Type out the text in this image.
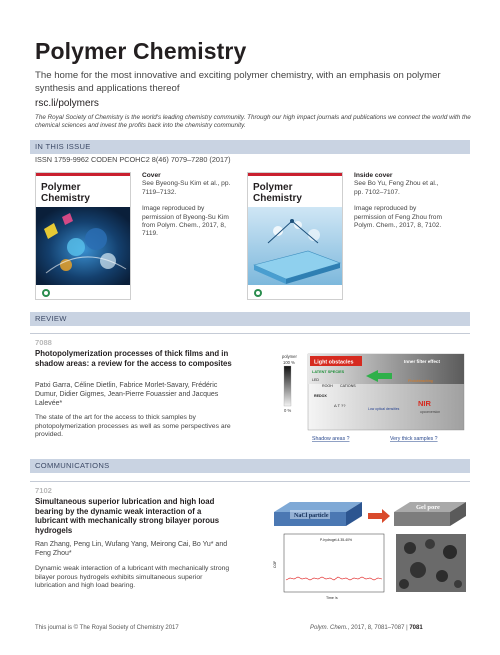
Polymer Chemistry
The home for the most innovative and exciting polymer chemistry, with an emphasis on polymer synthesis and applications thereof
rsc.li/polymers
The Royal Society of Chemistry is the world's leading chemistry community. Through our high impact journals and publications we connect the world with the chemical sciences and invest the profits back into the chemistry community.
IN THIS ISSUE
ISSN 1759-9962 CODEN PCOHC2 8(46) 7079–7280 (2017)
Polymer
Chemistry
Cover
See Byeong-Su Kim et al., pp. 7119–7132.
Image reproduced by permission of Byeong-Su Kim from Polym. Chem., 2017, 8, 7119.
Polymer
Chemistry
Inside cover
See Bo Yu, Feng Zhou et al., pp. 7102–7107.
Image reproduced by permission of Feng Zhou from Polym. Chem., 2017, 8, 7102.
REVIEW
7088
Photopolymerization processes of thick films and in shadow areas: a review for the access to composites
Patxi Garra, Céline Dietlin, Fabrice Morlet-Savary, Frédéric Dumur, Didier Gigmes, Jean-Pierre Fouassier and Jacques Lalevée*
The state of the art for the access to thick samples by photopolymerization processes as well as some perspectives are provided.
polymer
100 %
0 %
Light obstacles
LATENT SPECIES
LED
ROOH CATIONS
REDOX
Δ T ??
Inner filter effect
Photobleaching
Low optical densities
NIR
upconversion
Shadow areas ?	Very thick samples ?
COMMUNICATIONS
7102
Simultaneous superior lubrication and high load bearing by the dynamic weak interaction of a lubricant with mechanically strong bilayer porous hydrogels
Ran Zhang, Peng Lin, Wufang Yang, Meirong Cai, Bo Yu* and Feng Zhou*
Dynamic weak interaction of a lubricant with mechanically strong bilayer porous hydrogels exhibits simultaneous superior lubrication and high load bearing.
NaCl particle
Gel pore
P-hydrogel-4.35-40%
COF
Time /s
This journal is © The Royal Society of Chemistry 2017	Polym. Chem., 2017, 8, 7081–7087 | 7081
